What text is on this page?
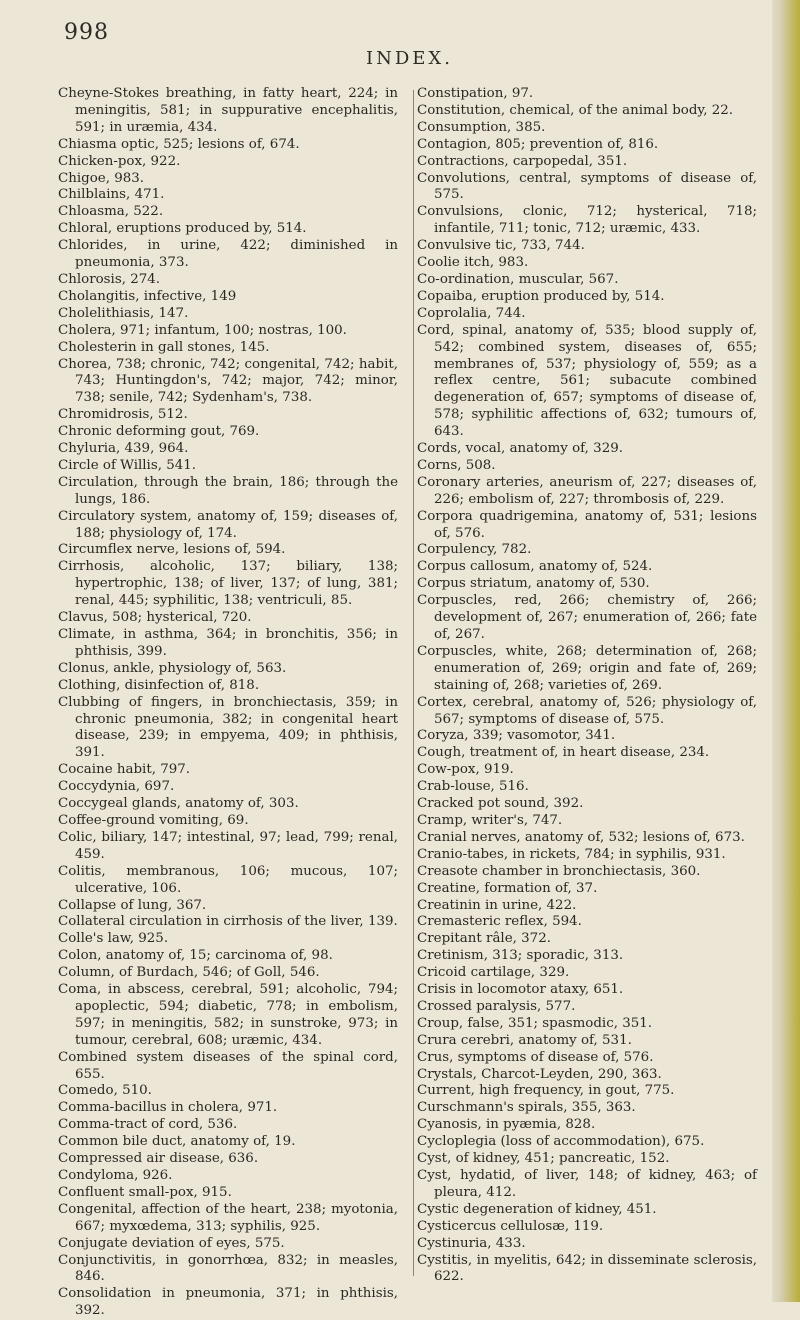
998
INDEX.

Cheyne-Stokes breathing, in fatty heart, 224; in meningitis, 581; in suppurative encephalitis, 591; in uræmia, 434.

Chiasma optic, 525; lesions of, 674.

Chicken-pox, 922.

Chigoe, 983.

Chilblains, 471.

Chloasma, 522.

Chloral, eruptions produced by, 514.

Chlorides, in urine, 422; diminished in pneumonia, 373.

Chlorosis, 274.

Cholangitis, infective, 149

Cholelithiasis, 147.

Cholera, 971; infantum, 100; nostras, 100.

Cholesterin in gall stones, 145.

Chorea, 738; chronic, 742; congenital, 742; habit, 743; Huntingdon's, 742; major, 742; minor, 738; senile, 742; Sydenham's, 738.

Chromidrosis, 512.

Chronic deforming gout, 769.

Chyluria, 439, 964.

Circle of Willis, 541.

Circulation, through the brain, 186; through the lungs, 186.

Circulatory system, anatomy of, 159; diseases of, 188; physiology of, 174.

Circumflex nerve, lesions of, 594.

Cirrhosis, alcoholic, 137; biliary, 138; hypertrophic, 138; of liver, 137; of lung, 381; renal, 445; syphilitic, 138; ventriculi, 85.

Clavus, 508; hysterical, 720.

Climate, in asthma, 364; in bronchitis, 356; in phthisis, 399.

Clonus, ankle, physiology of, 563.

Clothing, disinfection of, 818.

Clubbing of fingers, in bronchiectasis, 359; in chronic pneumonia, 382; in congenital heart disease, 239; in empyema, 409; in phthisis, 391.

Cocaine habit, 797.

Coccydynia, 697.

Coccygeal glands, anatomy of, 303.

Coffee-ground vomiting, 69.

Colic, biliary, 147; intestinal, 97; lead, 799; renal, 459.

Colitis, membranous, 106; mucous, 107; ulcerative, 106.

Collapse of lung, 367.

Collateral circulation in cirrhosis of the liver, 139.

Colle's law, 925.

Colon, anatomy of, 15; carcinoma of, 98.

Column, of Burdach, 546; of Goll, 546.

Coma, in abscess, cerebral, 591; alcoholic, 794; apoplectic, 594; diabetic, 778; in embolism, 597; in meningitis, 582; in sunstroke, 973; in tumour, cerebral, 608; uræmic, 434.

Combined system diseases of the spinal cord, 655.

Comedo, 510.

Comma-bacillus in cholera, 971.

Comma-tract of cord, 536.

Common bile duct, anatomy of, 19.

Compressed air disease, 636.

Condyloma, 926.

Confluent small-pox, 915.

Congenital, affection of the heart, 238; myotonia, 667; myxœdema, 313; syphilis, 925.

Conjugate deviation of eyes, 575.

Conjunctivitis, in gonorrhœa, 832; in measles, 846.

Consolidation in pneumonia, 371; in phthisis, 392.

Constipation, 97.

Constitution, chemical, of the animal body, 22.

Consumption, 385.

Contagion, 805; prevention of, 816.

Contractions, carpopedal, 351.

Convolutions, central, symptoms of disease of, 575.

Convulsions, clonic, 712; hysterical, 718; infantile, 711; tonic, 712; uræmic, 433.

Convulsive tic, 733, 744.

Coolie itch, 983.

Co-ordination, muscular, 567.

Copaiba, eruption produced by, 514.

Coprolalia, 744.

Cord, spinal, anatomy of, 535; blood supply of, 542; combined system, diseases of, 655; membranes of, 537; physiology of, 559; as a reflex centre, 561; subacute combined degeneration of, 657; symptoms of disease of, 578; syphilitic affections of, 632; tumours of, 643.

Cords, vocal, anatomy of, 329.

Corns, 508.

Coronary arteries, aneurism of, 227; diseases of, 226; embolism of, 227; thrombosis of, 229.

Corpora quadrigemina, anatomy of, 531; lesions of, 576.

Corpulency, 782.

Corpus callosum, anatomy of, 524.

Corpus striatum, anatomy of, 530.

Corpuscles, red, 266; chemistry of, 266; development of, 267; enumeration of, 266; fate of, 267.

Corpuscles, white, 268; determination of, 268; enumeration of, 269; origin and fate of, 269; staining of, 268; varieties of, 269.

Cortex, cerebral, anatomy of, 526; physiology of, 567; symptoms of disease of, 575.

Coryza, 339; vasomotor, 341.

Cough, treatment of, in heart disease, 234.

Cow-pox, 919.

Crab-louse, 516.

Cracked pot sound, 392.

Cramp, writer's, 747.

Cranial nerves, anatomy of, 532; lesions of, 673.

Cranio-tabes, in rickets, 784; in syphilis, 931.

Creasote chamber in bronchiectasis, 360.

Creatine, formation of, 37.

Creatinin in urine, 422.

Cremasteric reflex, 594.

Crepitant râle, 372.

Cretinism, 313; sporadic, 313.

Cricoid cartilage, 329.

Crisis in locomotor ataxy, 651.

Crossed paralysis, 577.

Croup, false, 351; spasmodic, 351.

Crura cerebri, anatomy of, 531.

Crus, symptoms of disease of, 576.

Crystals, Charcot-Leyden, 290, 363.

Current, high frequency, in gout, 775.

Curschmann's spirals, 355, 363.

Cyanosis, in pyæmia, 828.

Cycloplegia (loss of accommodation), 675.

Cyst, of kidney, 451; pancreatic, 152.

Cyst, hydatid, of liver, 148; of kidney, 463; of pleura, 412.

Cystic degeneration of kidney, 451.

Cysticercus cellulosæ, 119.

Cystinuria, 433.

Cystitis, in myelitis, 642; in disseminate sclerosis, 622.
